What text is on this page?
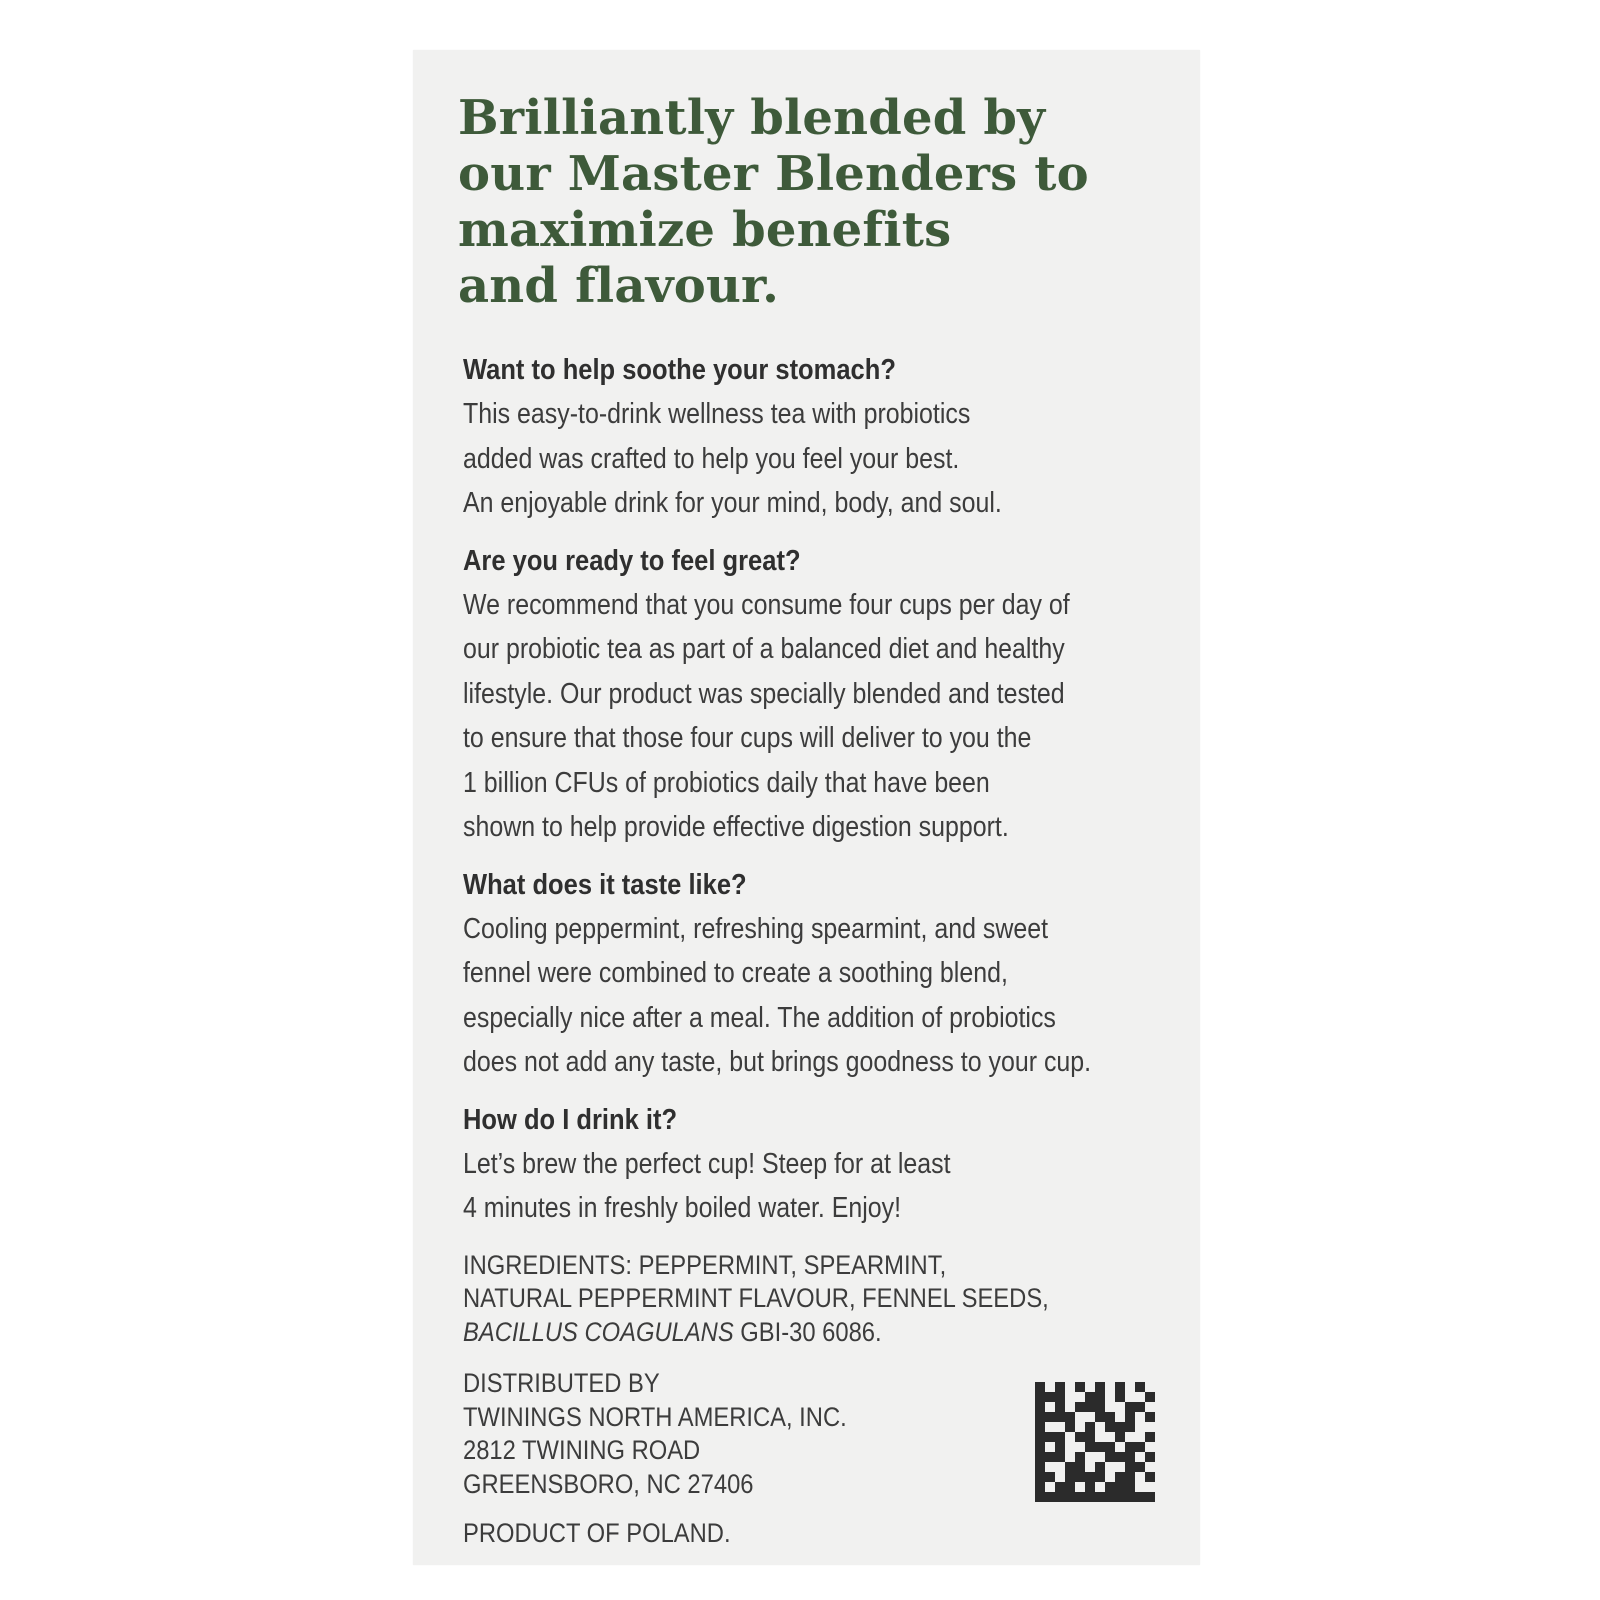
Brilliantly blended by
our Master Blenders to
maximize benefits
and flavour.
Want to help soothe your stomach?
This easy-to-drink wellness tea with probiotics
added was crafted to help you feel your best.
An enjoyable drink for your mind, body, and soul.
Are you ready to feel great?
We recommend that you consume four cups per day of
our probiotic tea as part of a balanced diet and healthy
lifestyle. Our product was specially blended and tested
to ensure that those four cups will deliver to you the
1 billion CFUs of probiotics daily that have been
shown to help provide effective digestion support.
What does it taste like?
Cooling peppermint, refreshing spearmint, and sweet
fennel were combined to create a soothing blend,
especially nice after a meal. The addition of probiotics
does not add any taste, but brings goodness to your cup.
How do I drink it?
Let’s brew the perfect cup! Steep for at least
4 minutes in freshly boiled water. Enjoy!
INGREDIENTS: PEPPERMINT, SPEARMINT,
NATURAL PEPPERMINT FLAVOUR, FENNEL SEEDS,
BACILLUS COAGULANS GBI-30 6086.
DISTRIBUTED BY
TWININGS NORTH AMERICA, INC.
2812 TWINING ROAD
GREENSBORO, NC 27406
PRODUCT OF POLAND.
